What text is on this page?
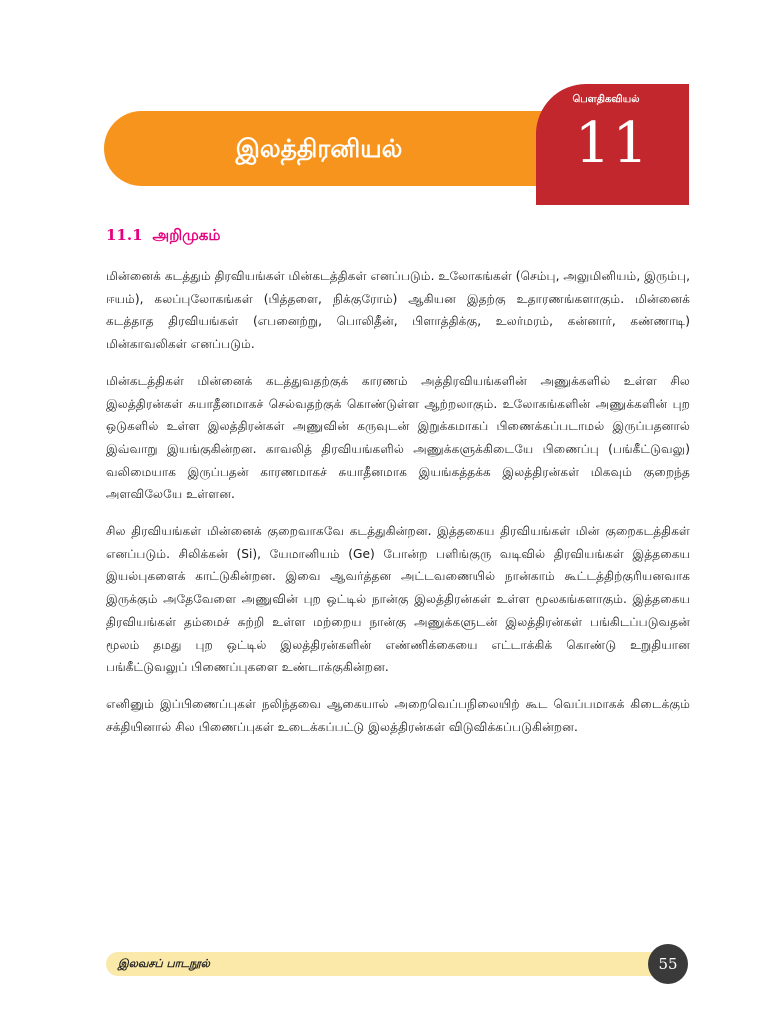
இலத்திரனியல்
பௌதிகவியல்
11
11.1 அறிமுகம்

மின்னைக் கடத்தும் திரவியங்கள் மின்கடத்திகள் எனப்படும். உலோகங்கள் (செம்பு, அலுமினியம், இரும்பு, ஈயம்), கலப்புலோகங்கள் (பித்தளை, நிக்குரோம்) ஆகியன இதற்கு உதாரணங்களாகும். மின்னைக் கடத்தாத திரவியங்கள் (எபனைற்று, பொலிதீன், பிளாத்திக்கு, உலர்மரம், கன்னார், கண்ணாடி) மின்காவலிகள் எனப்படும்.

மின்கடத்திகள் மின்னைக் கடத்துவதற்குக் காரணம் அத்திரவியங்களின் அணுக்களில் உள்ள சில இலத்திரன்கள் சுயாதீனமாகச் செல்வதற்குக் கொண்டுள்ள ஆற்றலாகும். உலோகங்களின் அணுக்களின் புற ஒடுகளில் உள்ள இலத்திரன்கள் அணுவின் கருவுடன் இறுக்கமாகப் பிணைக்கப்படாமல் இருப்பதனால் இவ்வாறு இயங்குகின்றன. காவலித் திரவியங்களில் அணுக்களுக்கிடையே பிணைப்பு (பங்கீட்டுவலு) வலிமையாக இருப்பதன் காரணமாகச் சுயாதீனமாக இயங்கத்தக்க இலத்திரன்கள் மிகவும் குறைந்த அளவிலேயே உள்ளன.

சில திரவியங்கள் மின்னைக் குறைவாகவே கடத்துகின்றன. இத்தகைய திரவியங்கள் மின் குறைகடத்திகள் எனப்படும். சிலிக்கன் (Si), யேமானியம் (Ge) போன்ற பளிங்குரு வடிவில் திரவியங்கள் இத்தகைய இயல்புகளைக் காட்டுகின்றன. இவை ஆவர்த்தன அட்டவணையில் நான்காம் கூட்டத்திற்குரியனவாக இருக்கும் அதேவேளை அணுவின் புற ஒட்டில் நான்கு இலத்திரன்கள் உள்ள மூலகங்களாகும். இத்தகைய திரவியங்கள் தம்மைச் சுற்றி உள்ள மற்றைய நான்கு அணுக்களுடன் இலத்திரன்கள் பங்கிடப்படுவதன் மூலம் தமது புற ஒட்டில் இலத்திரன்களின் எண்ணிக்கையை எட்டாக்கிக் கொண்டு உறுதியான பங்கீட்டுவலுப் பிணைப்புகளை உண்டாக்குகின்றன.

எனினும் இப்பிணைப்புகள் நலிந்தவை ஆகையால் அறைவெப்பநிலையிற் கூட வெப்பமாகக் கிடைக்கும் சக்தியினால் சில பிணைப்புகள் உடைக்கப்பட்டு இலத்திரன்கள் விடுவிக்கப்படுகின்றன.

இலவசப் பாடநூல்	55
